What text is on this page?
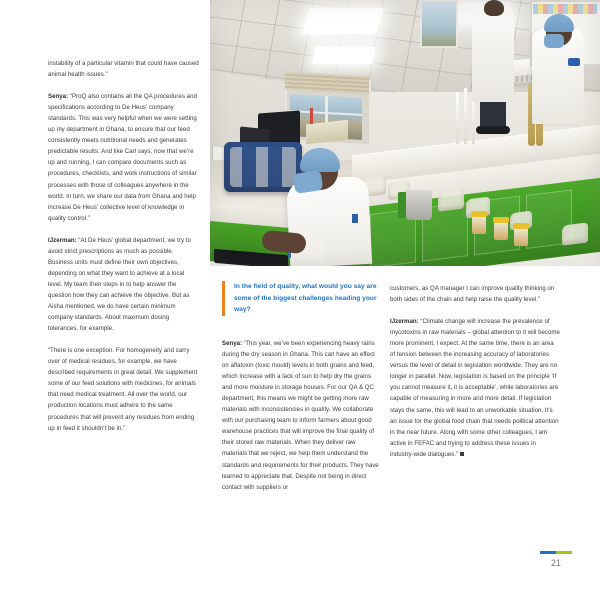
instability of a particular vitamin that could have caused animal health issues."

Senya: “ProQ also contains all the QA procedures and specifications according to De Heus’ company standards. This was very helpful when we were setting up my department in Ghana, to ensure that our feed consistently meets nutritional needs and generates predictable results. And like Carl says, now that we’re up and running, I can compare documents such as procedures, checklists, and work instructions of similar processes with those of colleagues anywhere in the world. In turn, we share our data from Ghana and help increase De Heus’ collective level of knowledge in quality control.”

IJzerman: “At De Heus’ global department, we try to avoid strict prescriptions as much as possible. Business units must define their own objectives, depending on what they want to achieve at a local level. My team then steps in to help answer the question how they can achieve the objective. But as Aisha mentioned, we do have certain minimum company standards. About maximum dosing tolerances, for example.

“There is one exception. For homogeneity and carry over of medical residues, for example, we have described requirements in great detail. We supplement some of our feed solutions with medicines, for animals that need medical treatment. All over the world, our production locations must adhere to the same procedures that will prevent any residues from ending up in feed it shouldn’t be in.”

In the field of quality, what would you say are some of the biggest challenges heading your way?

Senya: ‘This year, we’ve been experiencing heavy rains during the dry season in Ghana. This can have an effect on aflatoxin (toxic mould) levels in both grains and feed, which increase with a lack of sun to help dry the grains and more moisture in storage houses. For our QA & QC department, this means we might be getting more raw materials with inconsistencies in quality. We collaborate with our purchasing team to inform farmers about good warehouse practices that will improve the final quality of their stored raw materials. When they deliver raw materials that we reject, we help them understand the standards and requirements for their products. They have learned to appreciate that. Despite not being in direct contact with suppliers or

customers, as QA manager I can improve quality thinking on both sides of the chain and help raise the quality level.”

IJzerman: “Climate change will increase the prevalence of mycotoxins in raw materials – global attention to it will become more prominent, I expect. At the same time, there is an area of tension between the increasing accuracy of laboratories versus the level of detail in legislation worldwide. They are no longer in parallel. Now, legislation is based on the principle ‘If you cannot measure it, it is acceptable’, while laboratories are capable of measuring in more and more detail. If legislation stays the same, this will lead to an unworkable situation. It’s an issue for the global food chain that needs political attention in the near future. Along with some other colleagues, I am active in FEFAC and trying to address these issues in industry-wide dialogues.”

21
